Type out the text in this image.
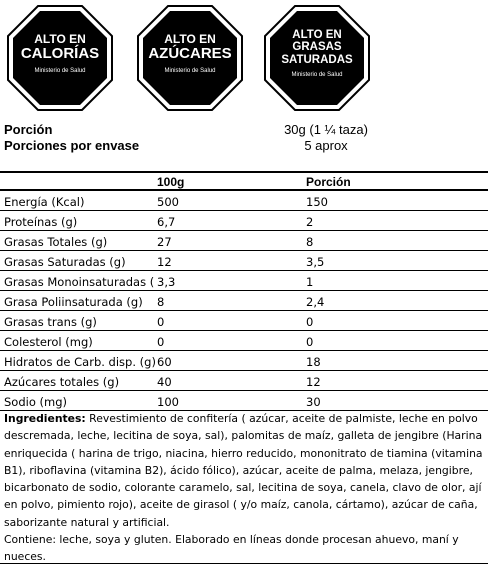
ALTO EN
CALORÍAS
Ministerio de Salud
ALTO EN
AZÚCARES
Ministerio de Salud
ALTO EN
GRASAS
SATURADAS
Ministerio de Salud
Porción	30g (1 ¼ taza)
Porciones por envase	5 aprox
100g	Porción
Energía (Kcal)	500	150
Proteínas (g)	6,7	2
Grasas Totales (g)	27	8
Grasas Saturadas (g)	12	3,5
Grasas Monoinsaturadas ( 3,3	1
Grasa Poliinsaturada (g) 8	2,4
Grasas trans (g)	0	0
Colesterol (mg)	0	0
Hidratos de Carb. disp. (g) 60	18
Azúcares totales (g)	40	12
Sodio (mg)	100	30

Ingredientes: Revestimiento de confitería ( azúcar, aceite de palmiste, leche en polvo descremada, leche, lecitina de soya, sal), palomitas de maíz, galleta de jengibre (Harina enriquecida ( harina de trigo, niacina, hierro reducido, mononitrato de tiamina (vitamina B1), riboflavina (vitamina B2), ácido fólico), azúcar, aceite de palma, melaza, jengibre, bicarbonato de sodio, colorante caramelo, sal, lecitina de soya, canela, clavo de olor, ají en polvo, pimiento rojo), aceite de girasol ( y/o maíz, canola, cártamo), azúcar de caña, saborizante natural y artificial.

Contiene: leche, soya y gluten. Elaborado en líneas donde procesan ahuevo, maní y nueces.
